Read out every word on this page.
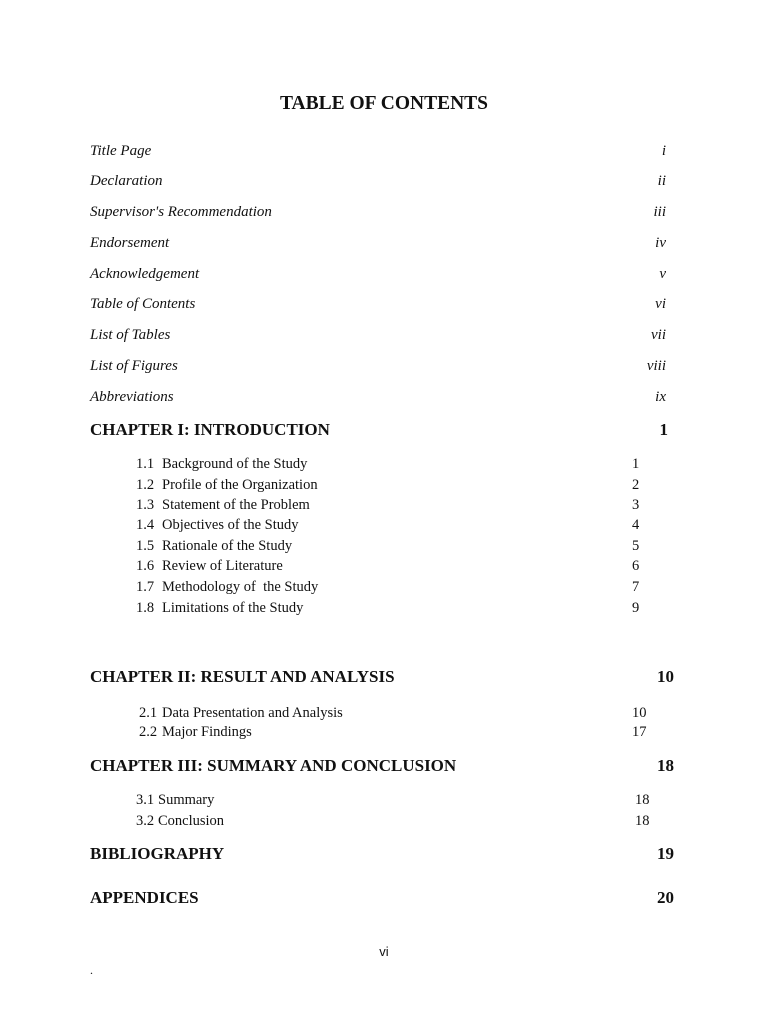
TABLE OF CONTENTS
Title Page	i
Declaration	ii
Supervisor's Recommendation	iii
Endorsement	iv
Acknowledgement	v
Table of Contents	vi
List of Tables	vii
List of Figures	viii
Abbreviations	ix
CHAPTER I: INTRODUCTION	1
1.1 Background of the Study	1
1.2 Profile of the Organization	2
1.3 Statement of the Problem	3
1.4 Objectives of the Study	4
1.5 Rationale of the Study	5
1.6 Review of Literature	6
1.7 Methodology of  the Study	7
1.8 Limitations of the Study	9
CHAPTER II: RESULT AND ANALYSIS	10
2.1 Data Presentation and Analysis	10
2.2 Major Findings	17
CHAPTER III: SUMMARY AND CONCLUSION	18
3.1 Summary	18
3.2 Conclusion	18
BIBLIOGRAPHY	19
APPENDICES	20
vi
.
